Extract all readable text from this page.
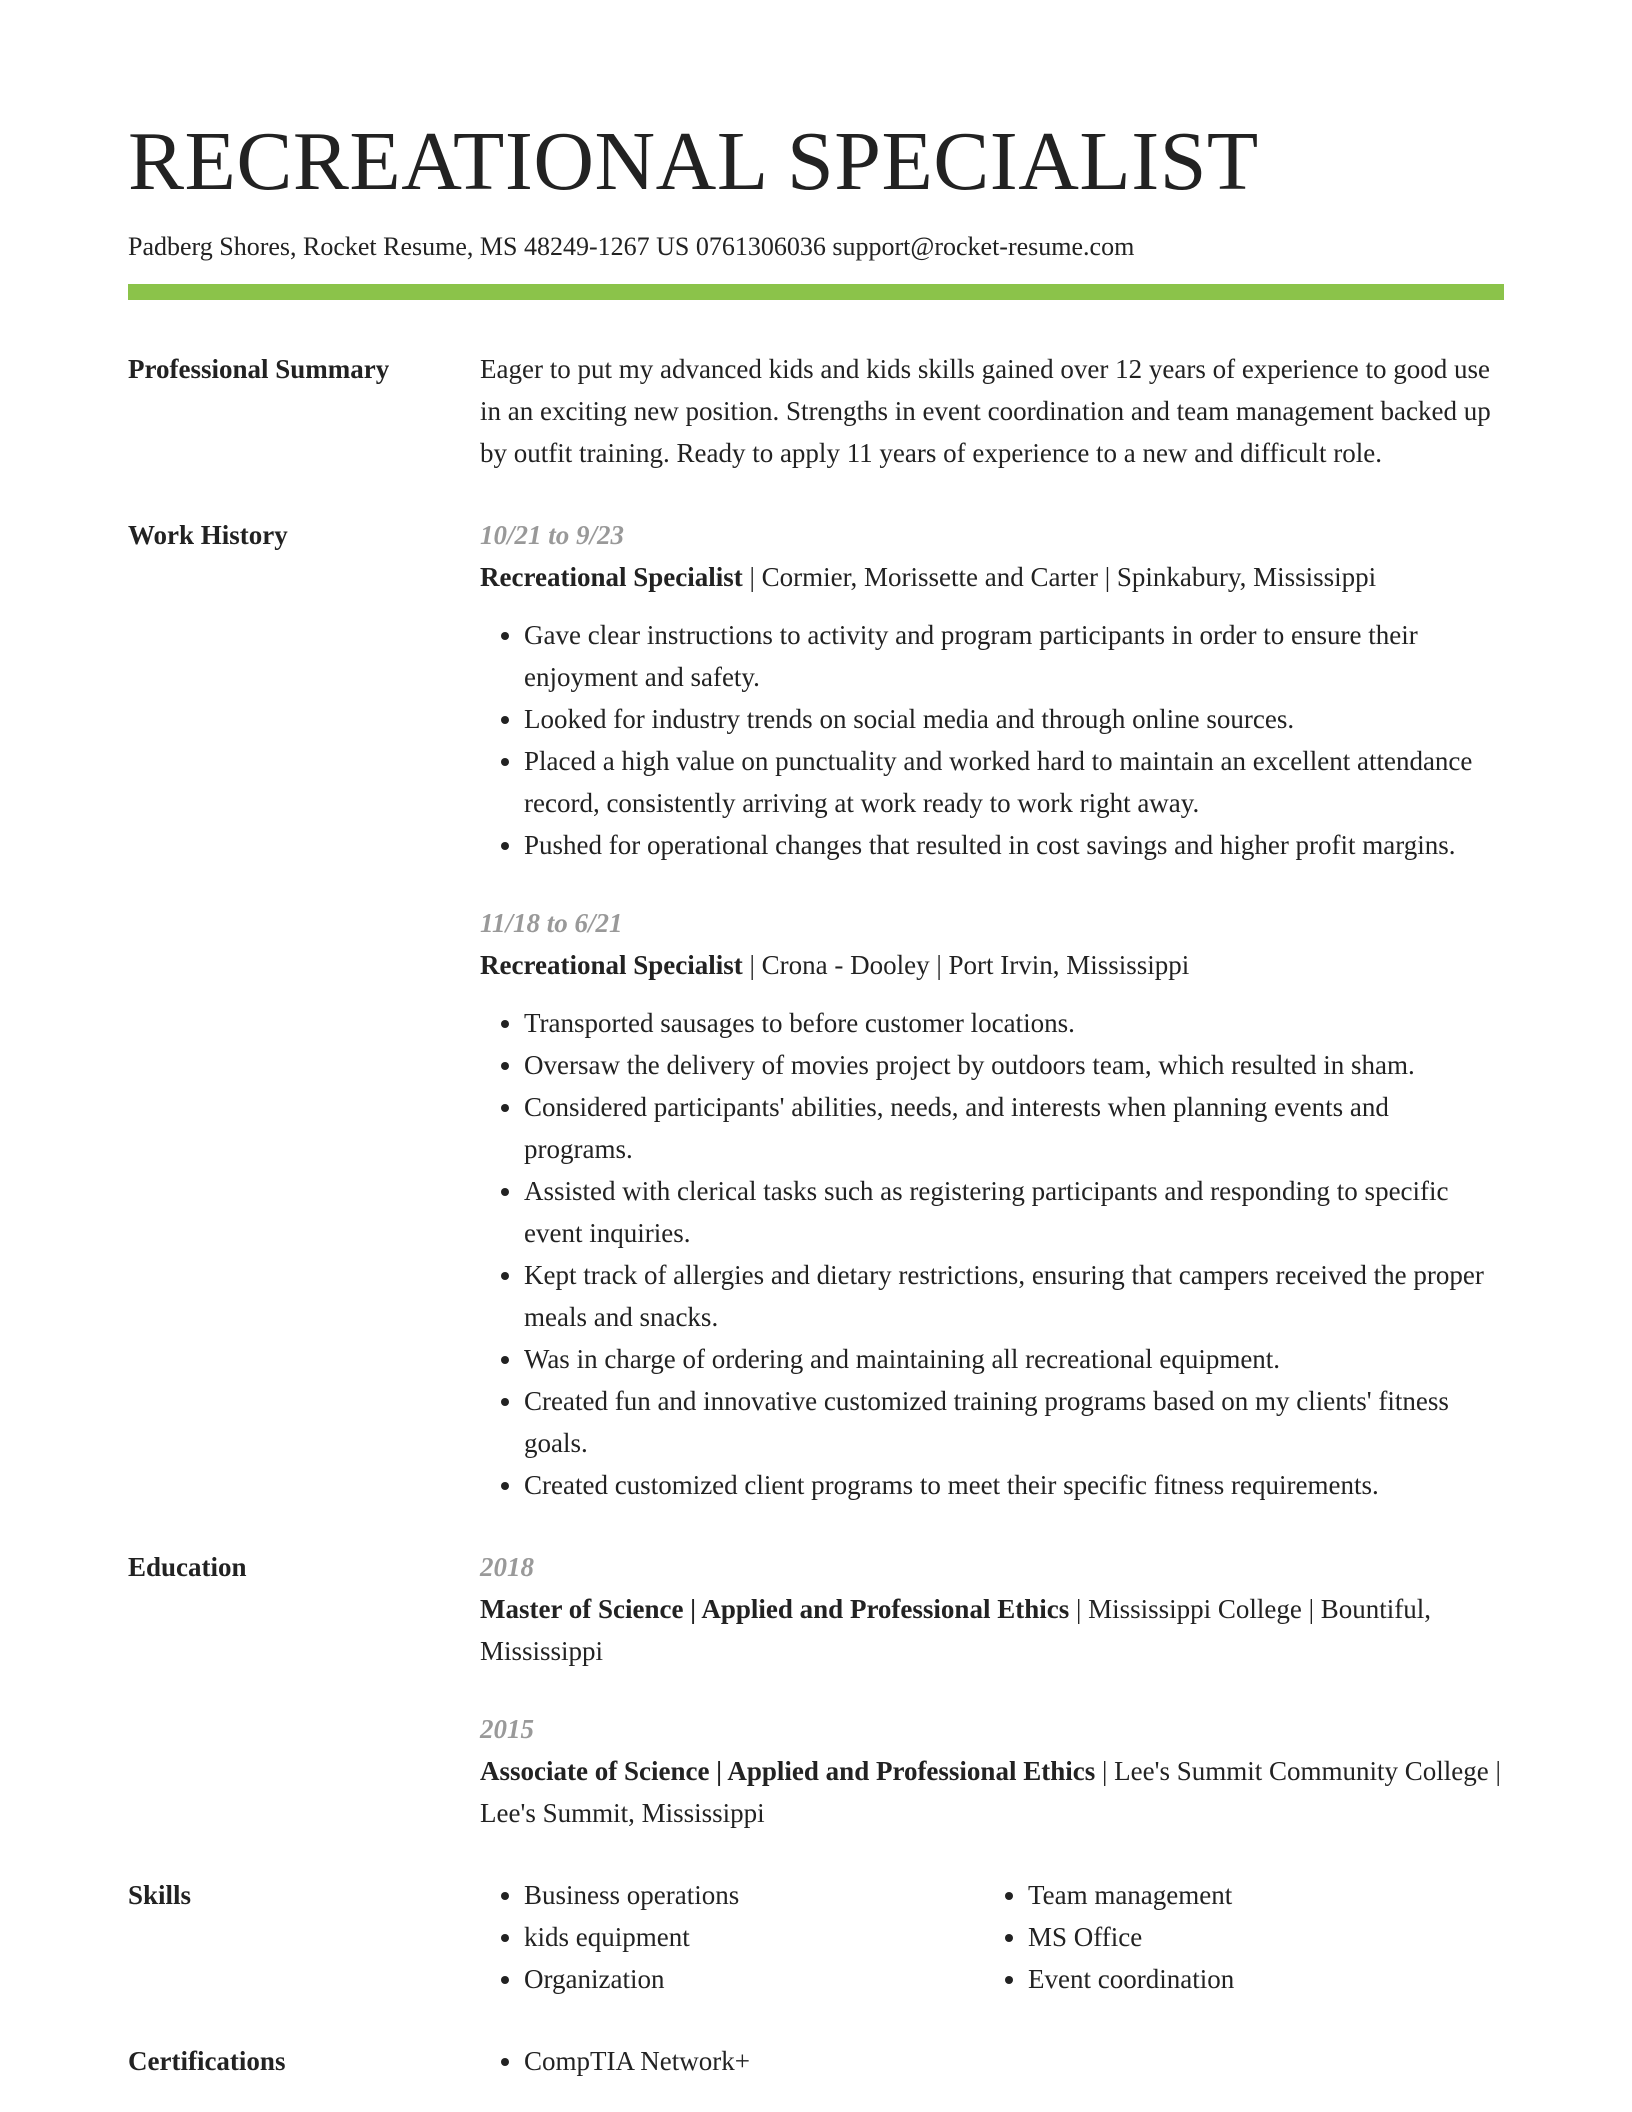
RECREATIONAL SPECIALIST
Padberg Shores, Rocket Resume, MS 48249-1267 US 0761306036 support@rocket-resume.com
Professional Summary	Eager to put my advanced kids and kids skills gained over 12 years of experience to good use in an exciting new position. Strengths in event coordination and team management backed up by outfit training. Ready to apply 11 years of experience to a new and difficult role.

Work History	10/21 to 9/23
Recreational Specialist | Cormier, Morissette and Carter | Spinkabury, Mississippi
• Gave clear instructions to activity and program participants in order to ensure their enjoyment and safety.
• Looked for industry trends on social media and through online sources.
• Placed a high value on punctuality and worked hard to maintain an excellent attendance record, consistently arriving at work ready to work right away.
• Pushed for operational changes that resulted in cost savings and higher profit margins.
11/18 to 6/21
Recreational Specialist | Crona - Dooley | Port Irvin, Mississippi
• Transported sausages to before customer locations.
• Oversaw the delivery of movies project by outdoors team, which resulted in sham.
• Considered participants' abilities, needs, and interests when planning events and programs.
• Assisted with clerical tasks such as registering participants and responding to specific event inquiries.
• Kept track of allergies and dietary restrictions, ensuring that campers received the proper meals and snacks.
• Was in charge of ordering and maintaining all recreational equipment.
• Created fun and innovative customized training programs based on my clients' fitness goals.
• Created customized client programs to meet their specific fitness requirements.
Education	2018
Master of Science | Applied and Professional Ethics | Mississippi College | Bountiful, Mississippi
2015
Associate of Science | Applied and Professional Ethics | Lee's Summit Community College | Lee's Summit, Mississippi
Skills	• Business operations
• kids equipment
• Organization
• Team management
• MS Office
• Event coordination
Certifications	• CompTIA Network+
